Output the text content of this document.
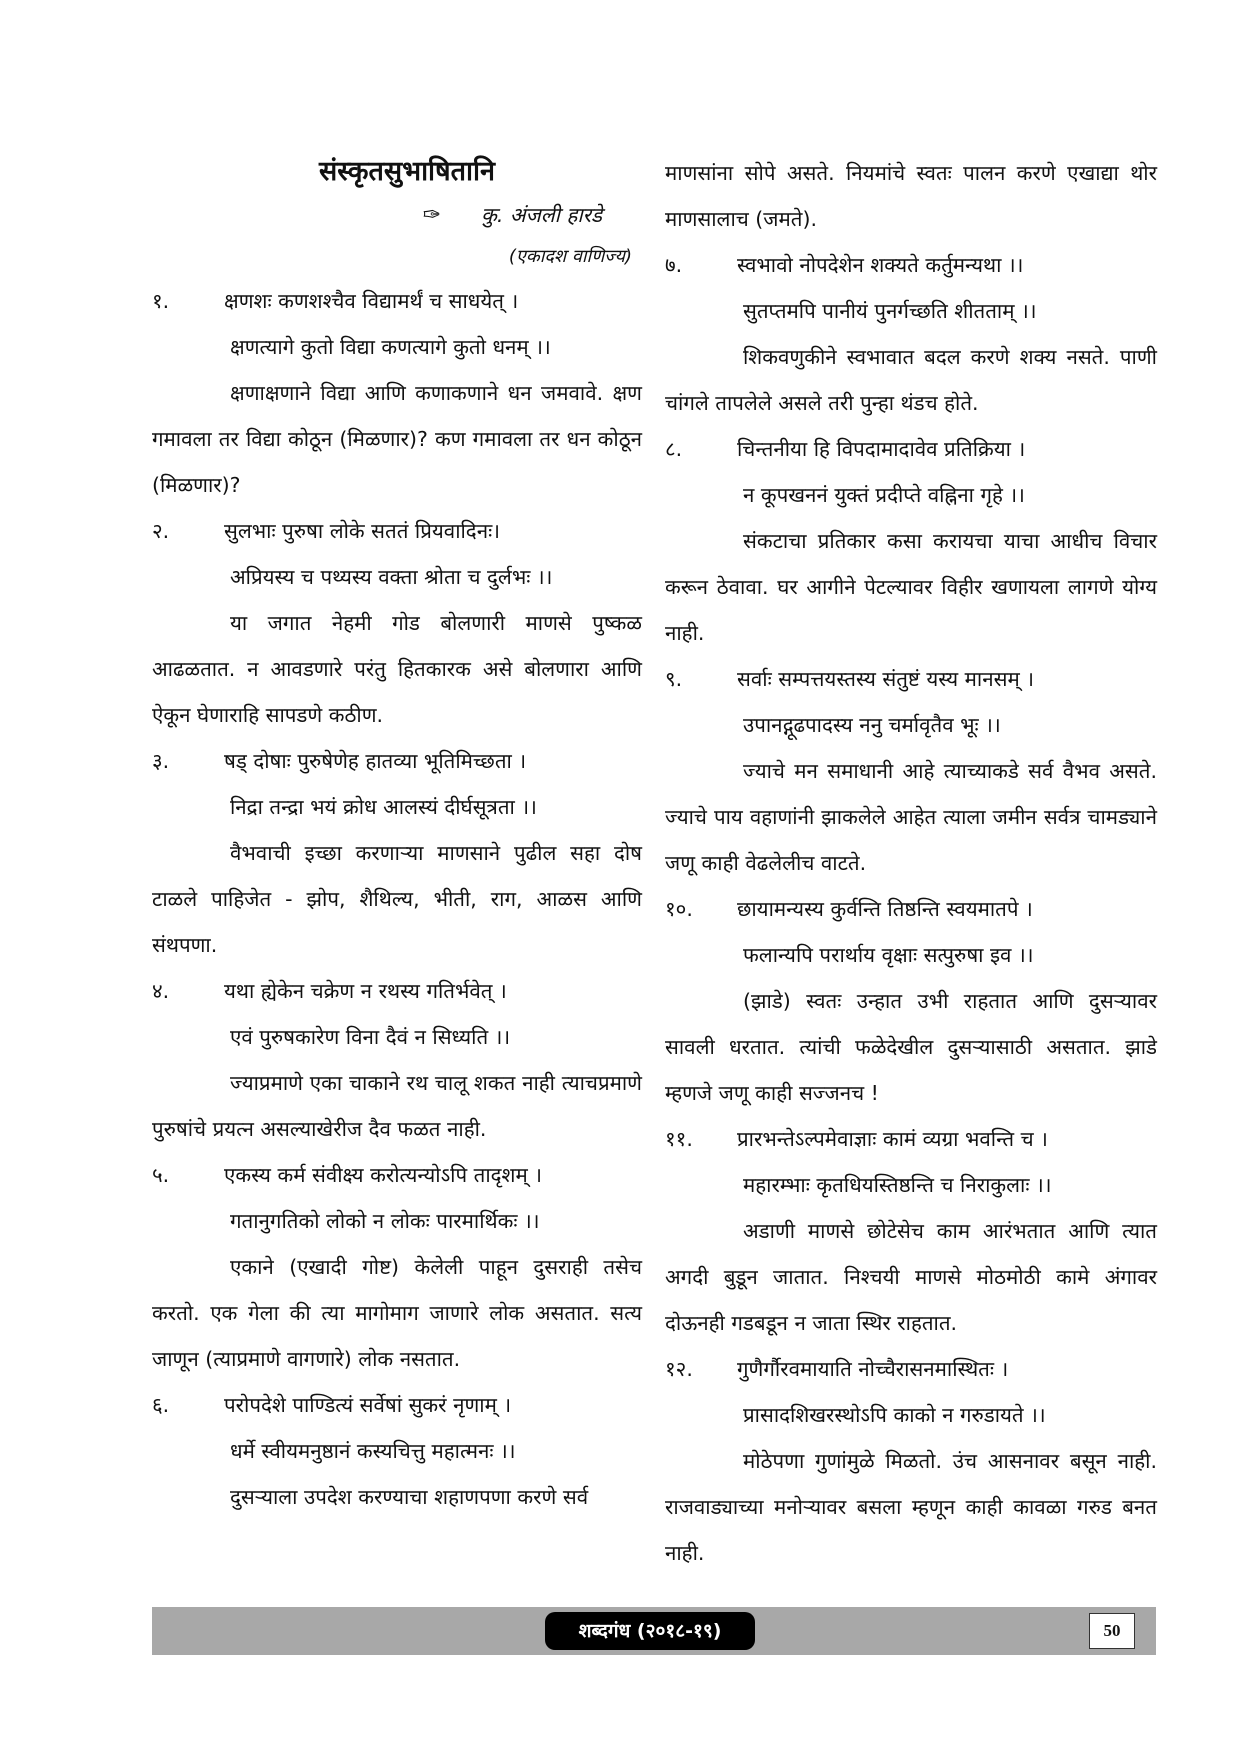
संस्कृतसुभाषितानि
✑ कु. अंजली हारडे
(एकादश वाणिज्य)
१.	क्षणशः कणशश्चैव विद्यामर्थं च साधयेत् ।
क्षणत्यागे कुतो विद्या कणत्यागे कुतो धनम् ।।
क्षणाक्षणाने विद्या आणि कणाकणाने धन जमवावे. क्षण गमावला तर विद्या कोठून (मिळणार)? कण गमावला तर धन कोठून (मिळणार)?
२.	सुलभाः पुरुषा लोके सततं प्रियवादिनः।
अप्रियस्य च पथ्यस्य वक्ता श्रोता च दुर्लभः ।।
या जगात नेहमी गोड बोलणारी माणसे पुष्कळ आढळतात. न आवडणारे परंतु हितकारक असे बोलणारा आणि ऐकून घेणाराहि सापडणे कठीण.
३.	षड् दोषाः पुरुषेणेह हातव्या भूतिमिच्छता ।
निद्रा तन्द्रा भयं क्रोध आलस्यं दीर्घसूत्रता ।।
वैभवाची इच्छा करणाऱ्या माणसाने पुढील सहा दोष टाळले पाहिजेत - झोप, शैथिल्य, भीती, राग, आळस आणि संथपणा.
४.	यथा ह्येकेन चक्रेण न रथस्य गतिर्भवेत् ।
एवं पुरुषकारेण विना दैवं न सिध्यति ।।
ज्याप्रमाणे एका चाकाने रथ चालू शकत नाही त्याचप्रमाणे पुरुषांचे प्रयत्न असल्याखेरीज दैव फळत नाही.
५.	एकस्य कर्म संवीक्ष्य करोत्यन्योऽपि तादृशम् ।
गतानुगतिको लोको न लोकः पारमार्थिकः ।।
एकाने (एखादी गोष्ट) केलेली पाहून दुसराही तसेच करतो. एक गेला की त्या मागोमाग जाणारे लोक असतात. सत्य जाणून (त्याप्रमाणे वागणारे) लोक नसतात.
६.	परोपदेशे पाण्डित्यं सर्वेषां सुकरं नृणाम् ।
धर्मे स्वीयमनुष्ठानं कस्यचित्तु महात्मनः ।।
दुसऱ्याला उपदेश करण्याचा शहाणपणा करणे सर्व
माणसांना सोपे असते. नियमांचे स्वतः पालन करणे एखाद्या थोर माणसालाच (जमते).
७.	स्वभावो नोपदेशेन शक्यते कर्तुमन्यथा ।।
सुतप्तमपि पानीयं पुनर्गच्छति शीतताम् ।।
शिकवणुकीने स्वभावात बदल करणे शक्य नसते. पाणी चांगले तापलेले असले तरी पुन्हा थंडच होते.
८.	चिन्तनीया हि विपदामादावेव प्रतिक्रिया ।
न कूपखननं युक्तं प्रदीप्ते वह्निना गृहे ।।
संकटाचा प्रतिकार कसा करायचा याचा आधीच विचार करून ठेवावा. घर आगीने पेटल्यावर विहीर खणायला लागणे योग्य नाही.
९.	सर्वाः सम्पत्तयस्तस्य संतुष्टं यस्य मानसम् ।
उपानद्गूढपादस्य ननु चर्मावृतैव भूः ।।
ज्याचे मन समाधानी आहे त्याच्याकडे सर्व वैभव असते. ज्याचे पाय वहाणांनी झाकलेले आहेत त्याला जमीन सर्वत्र चामड्याने जणू काही वेढलेलीच वाटते.
१०. छायामन्यस्य कुर्वन्ति तिष्ठन्ति स्वयमातपे ।
फलान्यपि परार्थाय वृक्षाः सत्पुरुषा इव ।।
(झाडे) स्वतः उन्हात उभी राहतात आणि दुसऱ्यावर सावली धरतात. त्यांची फळेदेखील दुसऱ्यासाठी असतात. झाडे म्हणजे जणू काही सज्जनच !
११. प्रारभन्तेऽल्पमेवाज्ञाः कामं व्यग्रा भवन्ति च ।
महारम्भाः कृतधियस्तिष्ठन्ति च निराकुलाः ।।
अडाणी माणसे छोटेसेच काम आरंभतात आणि त्यात अगदी बुडून जातात. निश्चयी माणसे मोठमोठी कामे अंगावर दोऊनही गडबडून न जाता स्थिर राहतात.
१२. गुणैर्गौरवमायाति नोच्चैरासनमास्थितः ।
प्रासादशिखरस्थोऽपि काको न गरुडायते ।।
मोठेपणा गुणांमुळे मिळतो. उंच आसनावर बसून नाही. राजवाड्याच्या मनोऱ्यावर बसला म्हणून काही कावळा गरुड बनत नाही.
शब्दगंध (२०१८-१९)	50
